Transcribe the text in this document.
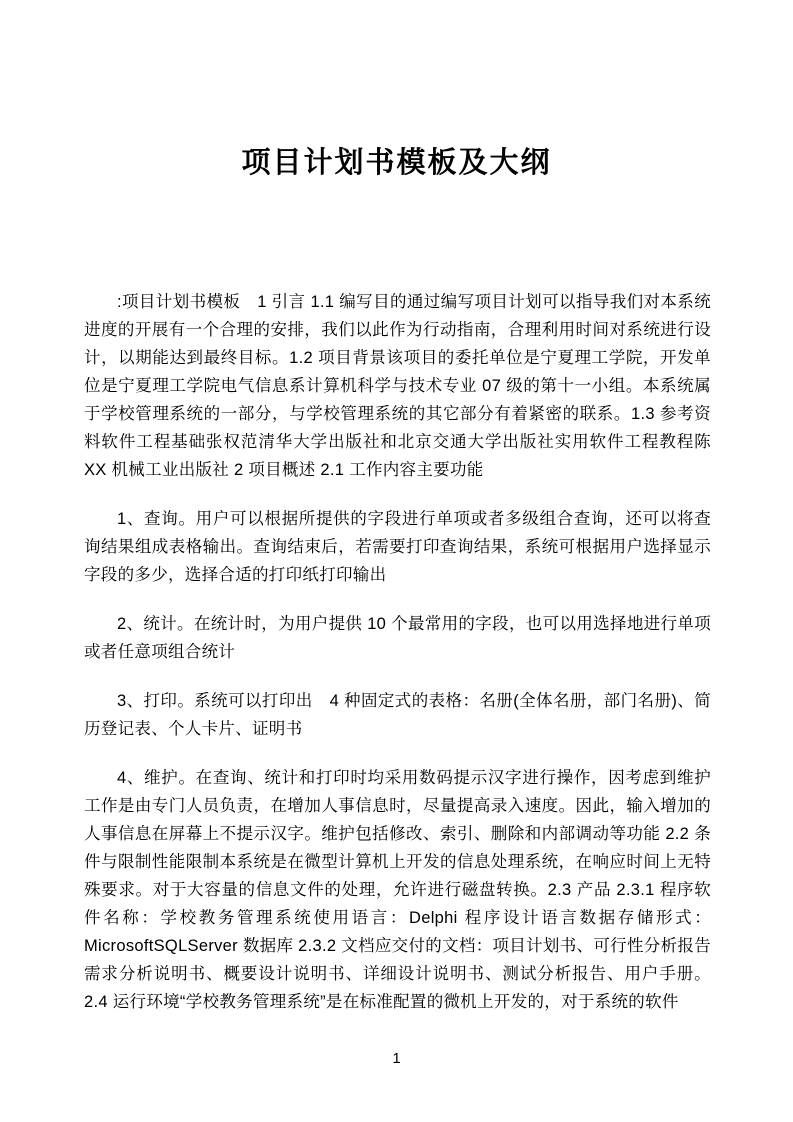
项目计划书模板及大纲

:项目计划书模板　1 引言 1.1 编写目的通过编写项目计划可以指导我们对本系统进度的开展有一个合理的安排，我们以此作为行动指南，合理利用时间对系统进行设计，以期能达到最终目标。1.2 项目背景该项目的委托单位是宁夏理工学院，开发单位是宁夏理工学院电气信息系计算机科学与技术专业 07 级的第十一小组。本系统属于学校管理系统的一部分，与学校管理系统的其它部分有着紧密的联系。1.3 参考资料软件工程基础张权范清华大学出版社和北京交通大学出版社实用软件工程教程陈 XX 机械工业出版社 2 项目概述 2.1 工作内容主要功能

1、查询。用户可以根据所提供的字段进行单项或者多级组合查询，还可以将查询结果组成表格输出。查询结束后，若需要打印查询结果，系统可根据用户选择显示字段的多少，选择合适的打印纸打印输出

2、统计。在统计时，为用户提供 10 个最常用的字段，也可以用选择地进行单项或者任意项组合统计

3、打印。系统可以打印出　4 种固定式的表格：名册(全体名册，部门名册)、简历登记表、个人卡片、证明书

4、维护。在查询、统计和打印时均采用数码提示汉字进行操作，因考虑到维护工作是由专门人员负责，在增加人事信息时，尽量提高录入速度。因此，输入增加的人事信息在屏幕上不提示汉字。维护包括修改、索引、删除和内部调动等功能 2.2 条件与限制性能限制本系统是在微型计算机上开发的信息处理系统，在响应时间上无特殊要求。对于大容量的信息文件的处理，允许进行磁盘转换。2.3 产品 2.3.1 程序软件名称：学校教务管理系统使用语言：Delphi 程序设计语言数据存储形式：MicrosoftSQLServer 数据库 2.3.2 文档应交付的文档：项目计划书、可行性分析报告需求分析说明书、概要设计说明书、详细设计说明书、测试分析报告、用户手册。2.4 运行环境“学校教务管理系统”是在标准配置的微机上开发的，对于系统的软件

1
